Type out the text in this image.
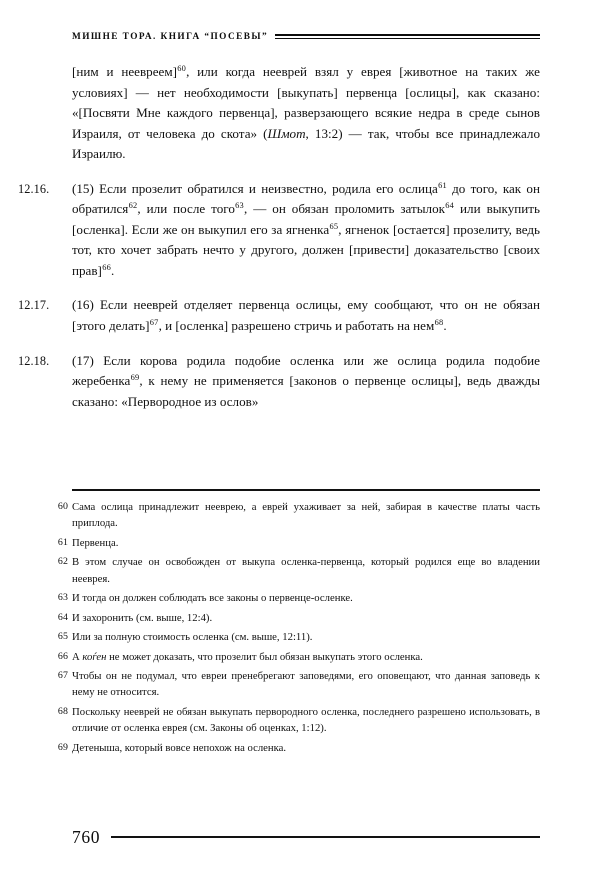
МИШНЕ ТОРА. КНИГА “ПОСЕВЫ”

[ним и неевреем]$^{60}$, или когда нееврей взял у еврея [животное на таких же условиях] — нет необходимости [выкупать] первенца [ослицы], как сказано: «[Посвяти Мне каждого первенца], разверзающего всякие недра в среде сынов Израиля, от человека до скота» (Шмот, 13:2) — так, чтобы все принадлежало Израилю.

12.16.	(15) Если прозелит обратился и неизвестно, родила его ослица$^{61}$ до того, как он обратился$^{62}$, или после того$^{63}$, — он обязан проломить затылок$^{64}$ или выкупить [осленка]. Если же он выкупил его за ягненка$^{65}$, ягненок [остается] прозелиту, ведь тот, кто хочет забрать нечто у другого, должен [привести] доказательство [своих прав]$^{66}$.

12.17.	(16) Если нееврей отделяет первенца ослицы, ему сообщают, что он не обязан [этого делать]$^{67}$, и [осленка] разрешено стричь и работать на нем$^{68}$.

12.18.	(17) Если корова родила подобие осленка или же ослица родила подобие жеребенка$^{69}$, к нему не применяется [законов о первенце ослицы], ведь дважды сказано: «Первородное из ослов»

60 Сама ослица принадлежит нееврею, а еврей ухаживает за ней, забирая в качестве платы часть приплода.
61 Первенца.
62 В этом случае он освобожден от выкупа осленка-первенца, который родился еще во владении нееврея.
63 И тогда он должен соблюдать все законы о первенце-осленке.
64 И захоронить (см. выше, 12:4).
65 Или за полную стоимость осленка (см. выше, 12:11).
66 А коѓен не может доказать, что прозелит был обязан выкупать этого осленка.
67 Чтобы он не подумал, что евреи пренебрегают заповедями, его оповещают, что данная заповедь к нему не относится.
68 Поскольку нееврей не обязан выкупать первородного осленка, последнего разрешено использовать, в отличие от осленка еврея (см. Законы об оценках, 1:12).
69 Детеныша, который вовсе непохож на осленка.
760
